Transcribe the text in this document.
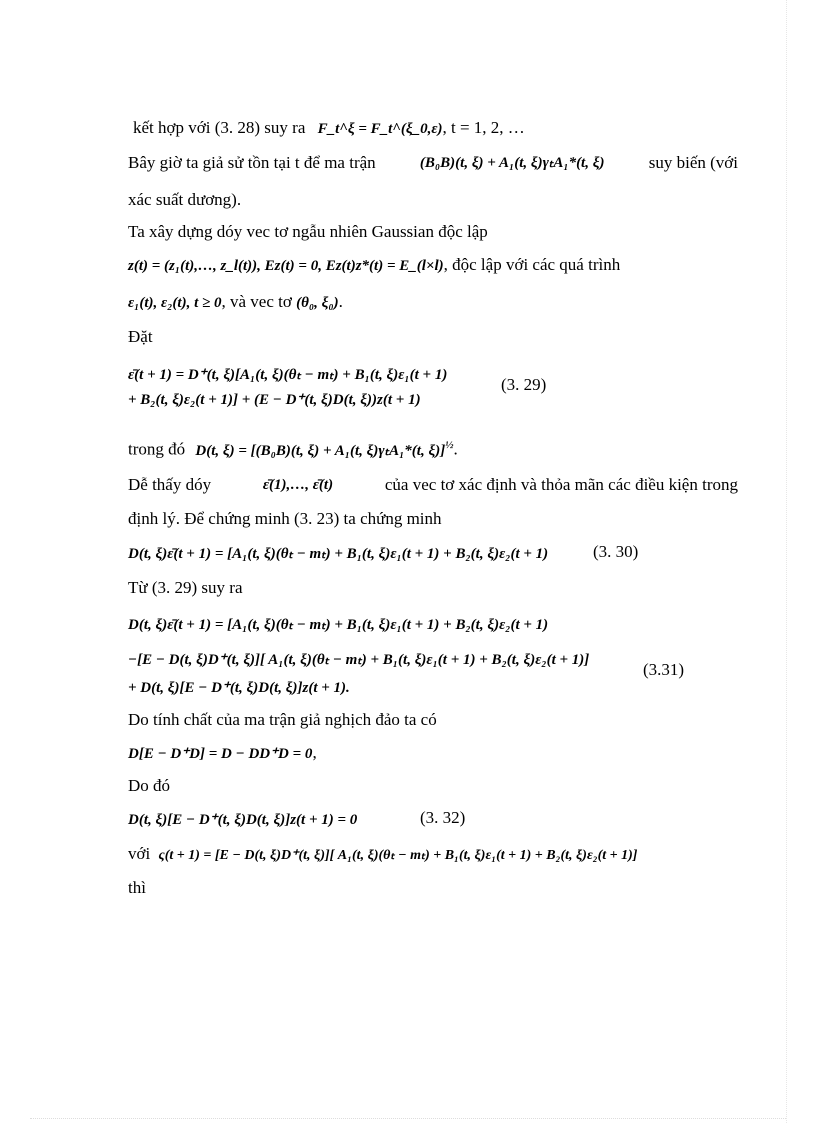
kết hợp với (3. 28) suy ra F_t^ξ = F_t^(ξ_0,ε), t = 1, 2, …
Bây giờ ta giả sử tồn tại t để ma trận	(B₀B)(t, ξ) + A₁(t, ξ)γₜA₁*(t, ξ)	suy biến (với
xác suất dương).
Ta xây dựng dóy vec tơ ngẫu nhiên Gaussian độc lập
z(t) = (z₁(t),…, z_l(t)), Ez(t) = 0, Ez(t)z*(t) = E_(l×l), độc lập với các quá trình
ε₁(t), ε₂(t), t ≥ 0, và vec tơ (θ₀, ξ₀).
Đặt
ε̄(t + 1) = D⁺(t, ξ)[A₁(t, ξ)(θₜ − mₜ) + B₁(t, ξ)ε₁(t + 1)
+ B₂(t, ξ)ε₂(t + 1)] + (E − D⁺(t, ξ)D(t, ξ))z(t + 1)
(3. 29)
trong đó D(t, ξ) = [(B₀B)(t, ξ) + A₁(t, ξ)γₜA₁*(t, ξ)]$^{\frac{1}{2}}$.
Dễ thấy dóy	ε̄(1),…, ε̄(t)	của vec tơ xác định và thỏa mãn các điều kiện trong
định lý. Để chứng minh (3. 23) ta chứng minh
D(t, ξ)ε̄(t + 1) = [A₁(t, ξ)(θₜ − mₜ) + B₁(t, ξ)ε₁(t + 1) + B₂(t, ξ)ε₂(t + 1)	(3. 30)
Từ (3. 29) suy ra
D(t, ξ)ε̄(t + 1) = [A₁(t, ξ)(θₜ − mₜ) + B₁(t, ξ)ε₁(t + 1) + B₂(t, ξ)ε₂(t + 1)
−[E − D(t, ξ)D⁺(t, ξ)][ A₁(t, ξ)(θₜ − mₜ) + B₁(t, ξ)ε₁(t + 1) + B₂(t, ξ)ε₂(t + 1)]
+ D(t, ξ)[E − D⁺(t, ξ)D(t, ξ)]z(t + 1).
(3.31)
Do tính chất của ma trận giả nghịch đảo ta có
D[E − D⁺D] = D − DD⁺D = 0,
Do đó
D(t, ξ)[E − D⁺(t, ξ)D(t, ξ)]z(t + 1) = 0	(3. 32)
với ς(t + 1) = [E − D(t, ξ)D⁺(t, ξ)][ A₁(t, ξ)(θₜ − mₜ) + B₁(t, ξ)ε₁(t + 1) + B₂(t, ξ)ε₂(t + 1)]
thì
